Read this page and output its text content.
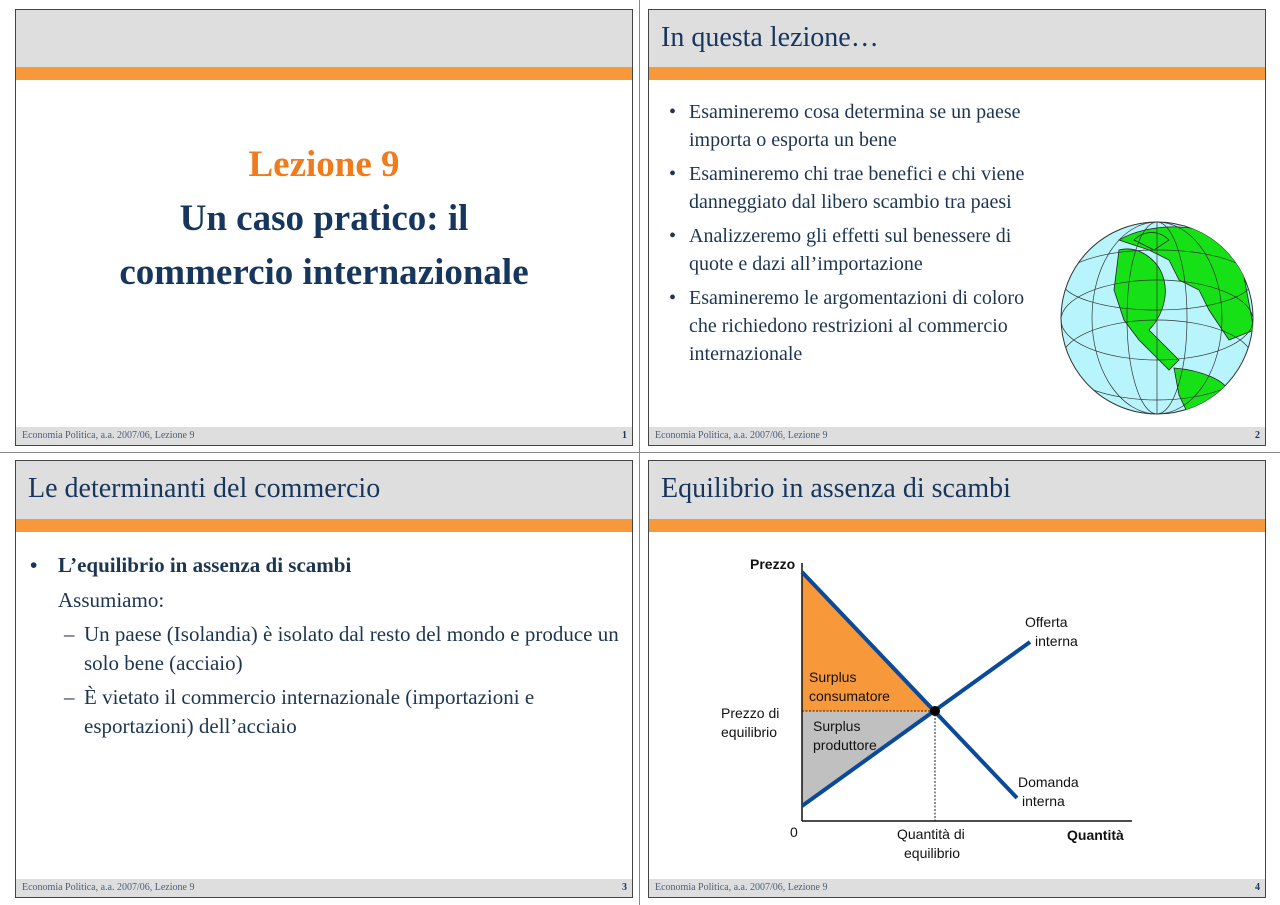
Lezione 9
Un caso pratico: il
commercio internazionale
Economia Politica, a.a. 2007/06, Lezione 9	1
In questa lezione…
• Esamineremo cosa determina se un paese importa o esporta un bene
• Esamineremo chi trae benefici e chi viene danneggiato dal libero scambio tra paesi
• Analizzeremo gli effetti sul benessere di quote e dazi all’importazione
• Esamineremo le argomentazioni di coloro che richiedono restrizioni al commercio internazionale
Economia Politica, a.a. 2007/06, Lezione 9	2
Le determinanti del commercio
• L’equilibrio in assenza di scambi
Assumiamo:
– Un paese (Isolandia) è isolato dal resto del mondo e produce un solo bene (acciaio)
– È vietato il commercio internazionale (importazioni e esportazioni) dell’acciaio
Economia Politica, a.a. 2007/06, Lezione 9	3
Equilibrio in assenza di scambi
Prezzo
Quantità
0
Prezzo di
equilibrio
Quantità di
equilibrio
Surplus
consumatore
Surplus
produttore
Offerta
interna
Domanda
interna
Economia Politica, a.a. 2007/06, Lezione 9	4
